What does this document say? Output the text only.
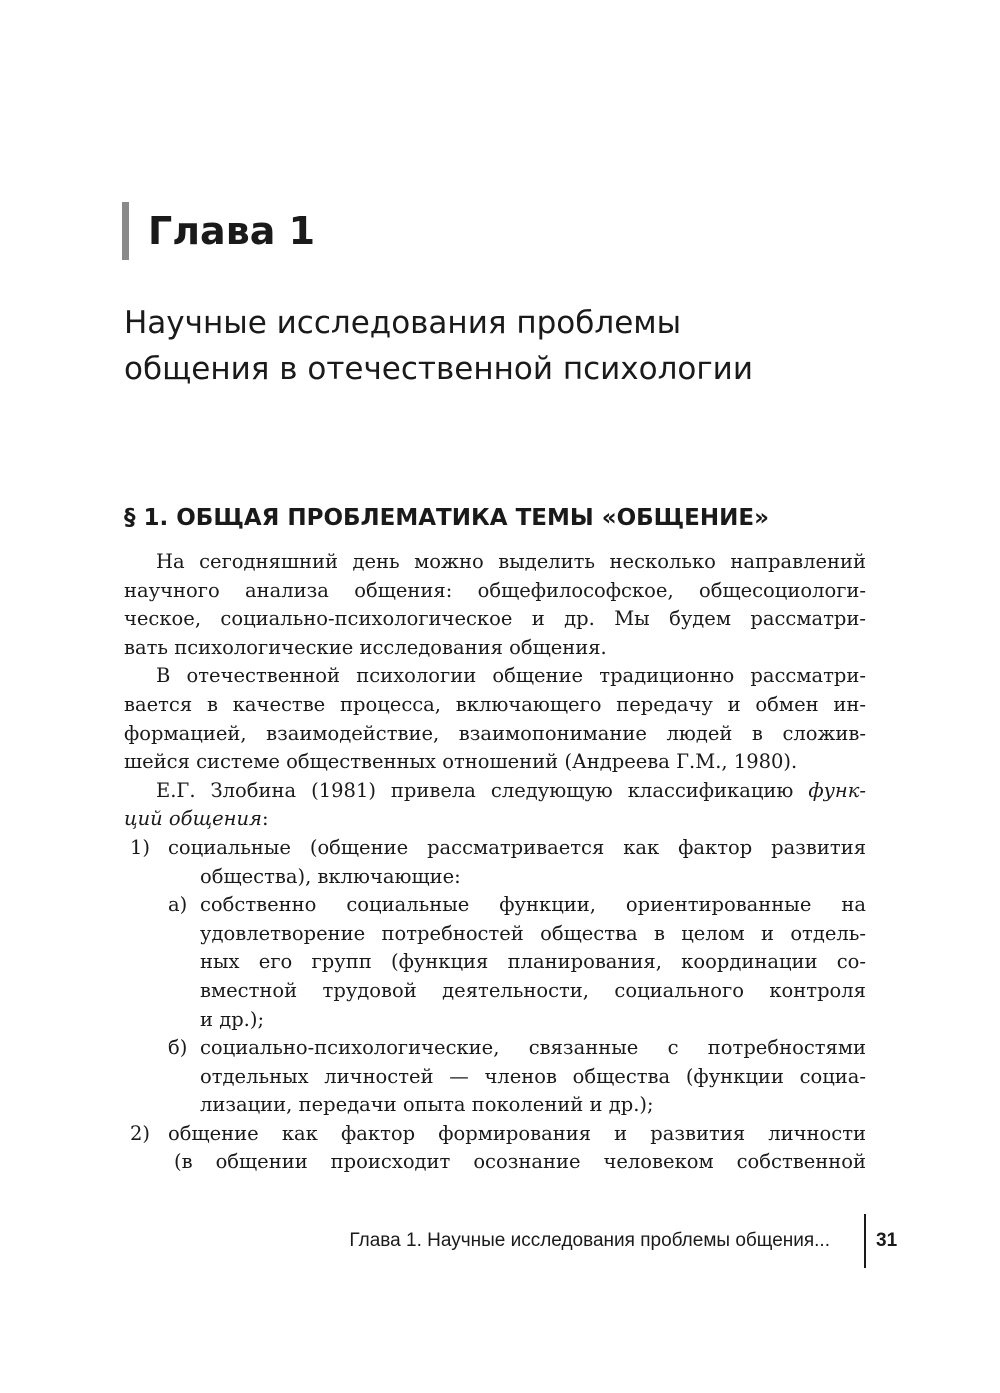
Глава 1
Научные исследования проблемы
общения в отечественной психологии
§ 1. ОБЩАЯ ПРОБЛЕМАТИКА ТЕМЫ «ОБЩЕНИЕ»
На сегодняшний день можно выделить несколько направлений
научного анализа общения: общефилософское, общесоциологи-
ческое, социально-психологическое и др. Мы будем рассматри-
вать психологические исследования общения.
В отечественной психологии общение традиционно рассматри-
вается в качестве процесса, включающего передачу и обмен ин-
формацией, взаимодействие, взаимопонимание людей в сложив-
шейся системе общественных отношений (Андреева Г.М., 1980).
Е.Г. Злобина (1981) привела следующую классификацию функ-
ций общения:
1) социальные (общение рассматривается как фактор развития
общества), включающие:
а) собственно социальные функции, ориентированные на
удовлетворение потребностей общества в целом и отдель-
ных его групп (функция планирования, координации со-
вместной трудовой деятельности, социального контроля
и др.);
б) социально-психологические, связанные с потребностями
отдельных личностей — членов общества (функции социа-
лизации, передачи опыта поколений и др.);
2) общение как фактор формирования и развития личности
(в общении происходит осознание человеком собственной
Глава 1. Научные исследования проблемы общения... 31
